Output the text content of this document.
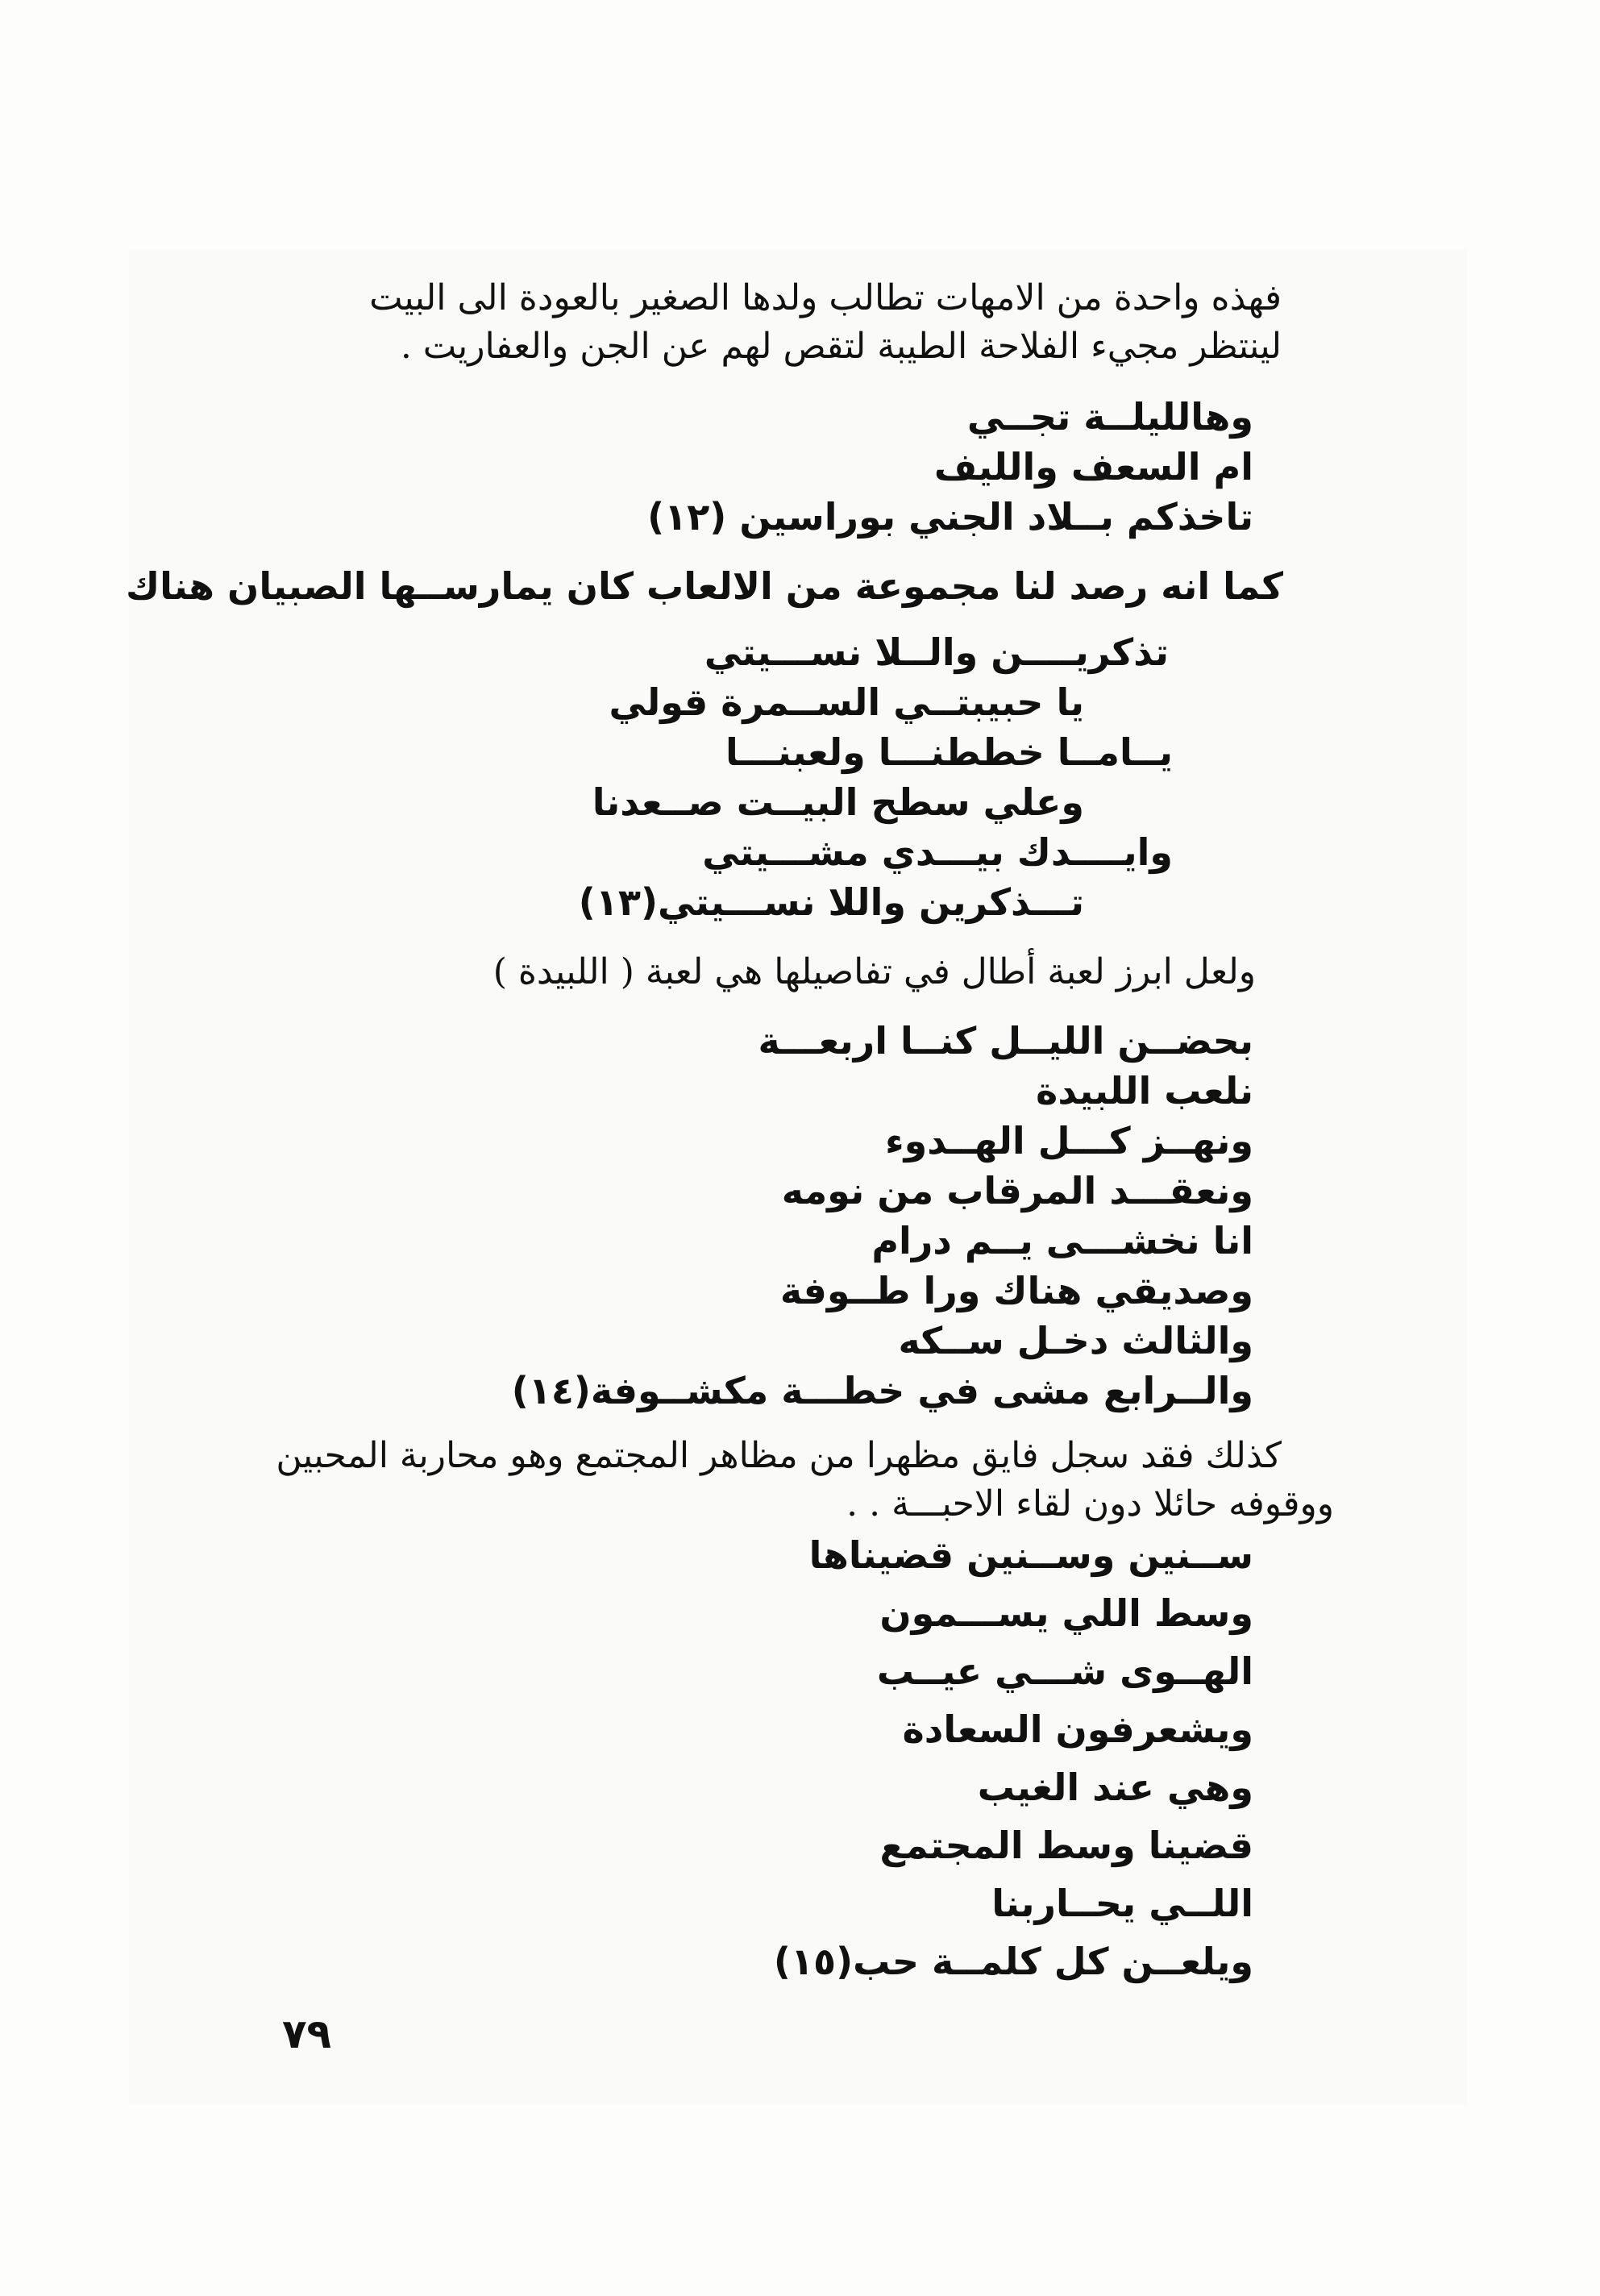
فهذه واحدة من الامهات تطالب ولدها الصغير بالعودة الى البيت
لينتظر مجيء الفلاحة الطيبة لتقص لهم عن الجن والعفاريت .
وهالليلــة تجــي
ام السعف والليف
تاخذكم بــلاد الجني بوراسين (١٢)
كما انه رصد لنا مجموعة من الالعاب كان يمارســها الصبيان هناك
تذكريــــن والــلا نســـيتي
يا حبيبتــي الســمرة قولي
يــامــا خططنـــا ولعبنـــا
وعلي سطح البيــت صــعدنا
وايــــدك بيـــدي مشـــيتي
تـــذكرين واللا نســـيتي(١٣)
ولعل ابرز لعبة أطال في تفاصيلها هي لعبة ( اللبيدة )
بحضــن الليــل كنــا اربعـــة
نلعب اللبيدة
ونهــز كـــل الهــدوء
ونعقـــد المرقاب من نومه
انا نخشـــى يــم درام
وصديقي هناك ورا طــوفة
والثالث دخـل ســكه
والــرابع مشى في خطـــة مكشــوفة(١٤)
كذلك فقد سجل فايق مظهرا من مظاهر المجتمع وهو محاربة المحبين
ووقوفه حائلا دون لقاء الاحبـــة . .
ســنين وســنين قضيناها
وسط اللي يســـمون
الهــوى شـــي عيــب
ويشعرفون السعادة
وهي عند الغيب
قضينا وسط المجتمع
اللــي يحــاربنا
ويلعــن كل كلمــة حب(١٥)
٧٩
